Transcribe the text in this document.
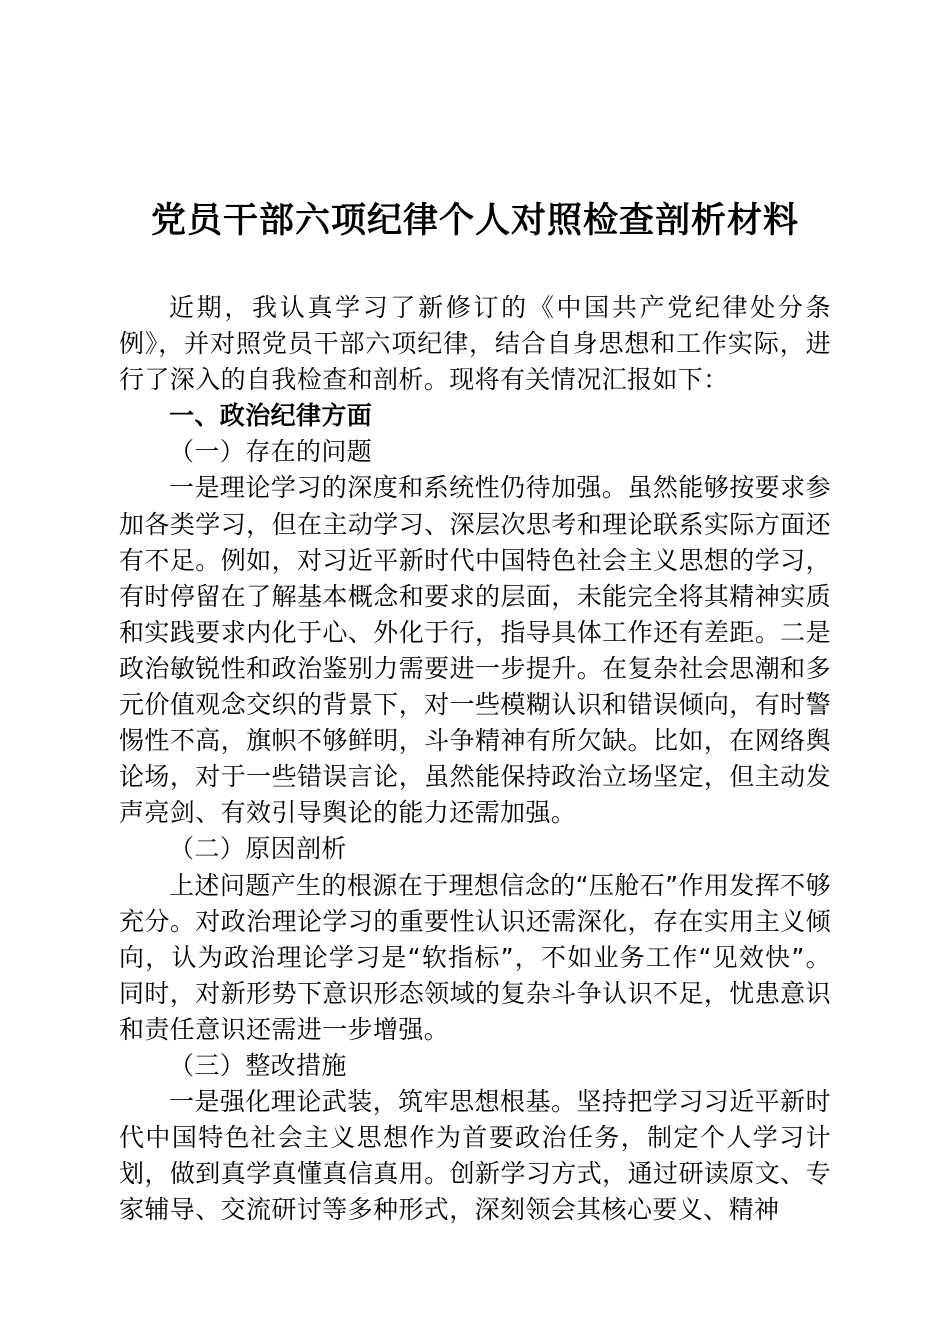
党员干部六项纪律个人对照检查剖析材料

近期，我认真学习了新修订的《中国共产党纪律处分条例》，并对照党员干部六项纪律，结合自身思想和工作实际，进行了深入的自我检查和剖析。现将有关情况汇报如下：

一、政治纪律方面

（一）存在的问题

一是理论学习的深度和系统性仍待加强。虽然能够按要求参加各类学习，但在主动学习、深层次思考和理论联系实际方面还有不足。例如，对习近平新时代中国特色社会主义思想的学习，有时停留在了解基本概念和要求的层面，未能完全将其精神实质和实践要求内化于心、外化于行，指导具体工作还有差距。二是政治敏锐性和政治鉴别力需要进一步提升。在复杂社会思潮和多元价值观念交织的背景下，对一些模糊认识和错误倾向，有时警惕性不高，旗帜不够鲜明，斗争精神有所欠缺。比如，在网络舆论场，对于一些错误言论，虽然能保持政治立场坚定，但主动发声亮剑、有效引导舆论的能力还需加强。

（二）原因剖析

上述问题产生的根源在于理想信念的“压舱石”作用发挥不够充分。对政治理论学习的重要性认识还需深化，存在实用主义倾向，认为政治理论学习是“软指标”，不如业务工作“见效快”。同时，对新形势下意识形态领域的复杂斗争认识不足，忧患意识和责任意识还需进一步增强。

（三）整改措施

一是强化理论武装，筑牢思想根基。坚持把学习习近平新时代中国特色社会主义思想作为首要政治任务，制定个人学习计划，做到真学真懂真信真用。创新学习方式，通过研读原文、专家辅导、交流研讨等多种形式，深刻领会其核心要义、精神
